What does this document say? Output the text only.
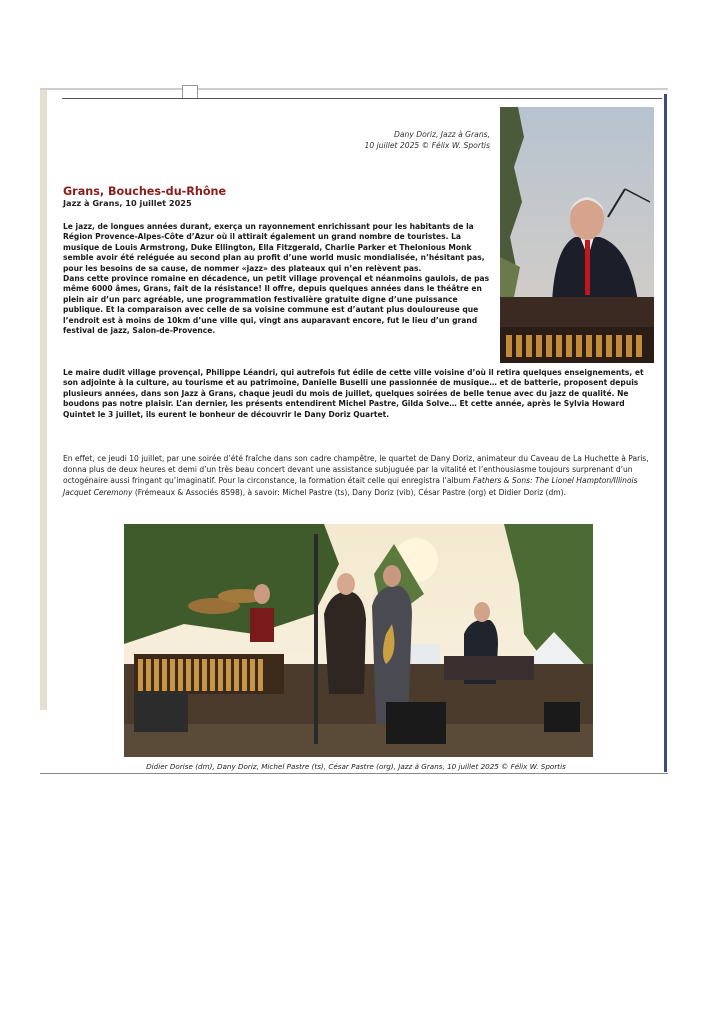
Dany Doriz, Jazz à Grans,
10 juillet 2025 © Félix W. Sportis
Grans, Bouches-du-Rhône
Jazz à Grans, 10 juillet 2025

Le jazz, de longues années durant, exerça un rayonnement enrichissant pour les habitants de la Région Provence-Alpes-Côte d’Azur où il attirait également un grand nombre de touristes. La musique de Louis Armstrong, Duke Ellington, Ella Fitzgerald, Charlie Parker et Thelonious Monk semble avoir été reléguée au second plan au profit d’une world music mondialisée, n’hésitant pas, pour les besoins de sa cause, de nommer «jazz» des plateaux qui n’en relèvent pas.

Dans cette province romaine en décadence, un petit village provençal et néanmoins gaulois, de pas même 6000 âmes, Grans, fait de la résistance! Il offre, depuis quelques années dans le théâtre en plein air d’un parc agréable, une programmation festivalière gratuite digne d’une puissance publique. Et la comparaison avec celle de sa voisine commune est d’autant plus douloureuse que l’endroit est à moins de 10km d’une ville qui, vingt ans auparavant encore, fut le lieu d’un grand festival de jazz, Salon-de-Provence.

Le maire dudit village provençal, Philippe Léandri, qui autrefois fut édile de cette ville voisine d’où il retira quelques enseignements, et son adjointe à la culture, au tourisme et au patrimoine, Danielle Buselli une passionnée de musique… et de batterie, proposent depuis plusieurs années, dans son Jazz à Grans, chaque jeudi du mois de juillet, quelques soirées de belle tenue avec du jazz de qualité. Ne boudons pas notre plaisir. L’an dernier, les présents entendirent Michel Pastre, Gilda Solve… Et cette année, après le Sylvia Howard Quintet le 3 juillet, ils eurent le bonheur de découvrir le Dany Doriz Quartet.

En effet, ce jeudi 10 juillet, par une soirée d’été fraîche dans son cadre champêtre, le quartet de Dany Doriz, animateur du Caveau de La Huchette à Paris, donna plus de deux heures et demi d’un très beau concert devant une assistance subjuguée par la vitalité et l’enthousiasme toujours surprenant d’un octogénaire aussi fringant qu’imaginatif. Pour la circonstance, la formation était celle qui enregistra l’album Fathers & Sons: The Lionel Hampton/Illinois Jacquet Ceremony (Frémeaux & Associés 8598), à savoir: Michel Pastre (ts), Dany Doriz (vib), César Pastre (org) et Didier Doriz (dm).
Didier Dorise (dm), Dany Doriz, Michel Pastre (ts), César Pastre (org), Jazz à Grans, 10 juillet 2025 © Félix W. Sportis
